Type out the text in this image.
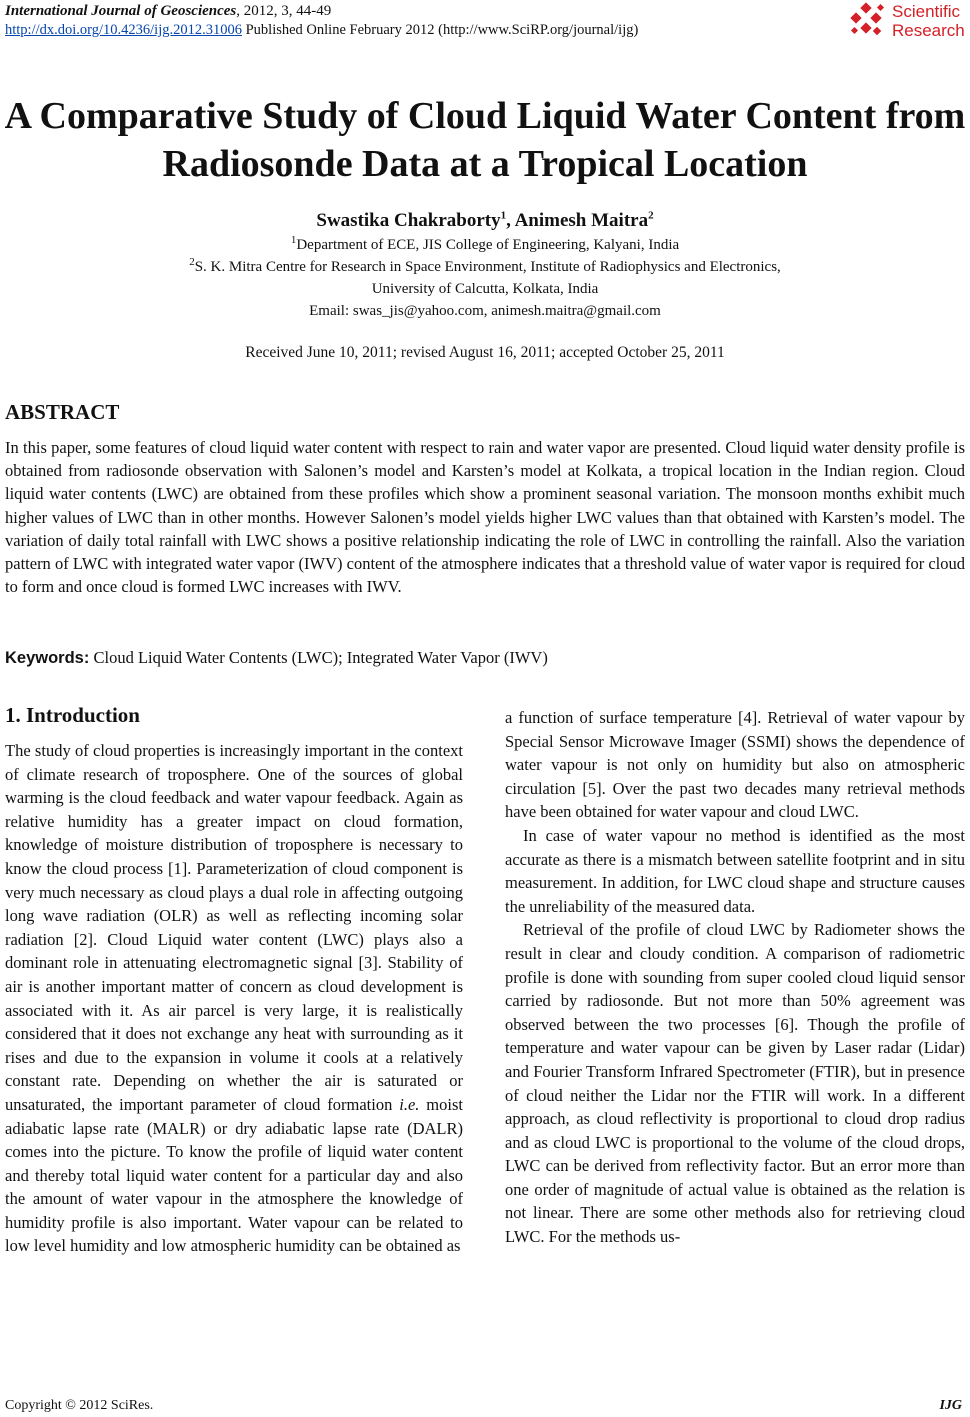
International Journal of Geosciences, 2012, 3, 44-49
http://dx.doi.org/10.4236/ijg.2012.31006 Published Online February 2012 (http://www.SciRP.org/journal/ijg)
Scientific
Research
A Comparative Study of Cloud Liquid Water Content from
Radiosonde Data at a Tropical Location
Swastika Chakraborty$^1$, Animesh Maitra$^2$
$^1$Department of ECE, JIS College of Engineering, Kalyani, India
$^2$S. K. Mitra Centre for Research in Space Environment, Institute of Radiophysics and Electronics,
University of Calcutta, Kolkata, India
Email: swas_jis@yahoo.com, animesh.maitra@gmail.com
Received June 10, 2011; revised August 16, 2011; accepted October 25, 2011
ABSTRACT
In this paper, some features of cloud liquid water content with respect to rain and water vapor are presented. Cloud liquid water density profile is obtained from radiosonde observation with Salonen’s model and Karsten’s model at Kolkata, a tropical location in the Indian region. Cloud liquid water contents (LWC) are obtained from these profiles which show a prominent seasonal variation. The monsoon months exhibit much higher values of LWC than in other months. However Salonen’s model yields higher LWC values than that obtained with Karsten’s model. The variation of daily total rainfall with LWC shows a positive relationship indicating the role of LWC in controlling the rainfall. Also the variation pattern of LWC with integrated water vapor (IWV) content of the atmosphere indicates that a threshold value of water vapor is required for cloud to form and once cloud is formed LWC increases with IWV.
Keywords: Cloud Liquid Water Contents (LWC); Integrated Water Vapor (IWV)
1. Introduction

The study of cloud properties is increasingly important in the context of climate research of troposphere. One of the sources of global warming is the cloud feedback and water vapour feedback. Again as relative humidity has a greater impact on cloud formation, knowledge of moisture distribution of troposphere is necessary to know the cloud process [1]. Parameterization of cloud component is very much necessary as cloud plays a dual role in affecting outgoing long wave radiation (OLR) as well as reflecting incoming solar radiation [2]. Cloud Liquid water content (LWC) plays also a dominant role in attenuating electromagnetic signal [3]. Stability of air is another important matter of concern as cloud development is associated with it. As air parcel is very large, it is realistically considered that it does not exchange any heat with surrounding as it rises and due to the expansion in volume it cools at a relatively constant rate. Depending on whether the air is saturated or unsaturated, the important parameter of cloud formation i.e. moist adiabatic lapse rate (MALR) or dry adiabatic lapse rate (DALR) comes into the picture. To know the profile of liquid water content and thereby total liquid water content for a particular day and also the amount of water vapour in the atmosphere the knowledge of humidity profile is also important. Water vapour can be related to low level humidity and low atmospheric humidity can be obtained as

a function of surface temperature [4]. Retrieval of water vapour by Special Sensor Microwave Imager (SSMI) shows the dependence of water vapour is not only on humidity but also on atmospheric circulation [5]. Over the past two decades many retrieval methods have been obtained for water vapour and cloud LWC.

In case of water vapour no method is identified as the most accurate as there is a mismatch between satellite footprint and in situ measurement. In addition, for LWC cloud shape and structure causes the unreliability of the measured data.

Retrieval of the profile of cloud LWC by Radiometer shows the result in clear and cloudy condition. A comparison of radiometric profile is done with sounding from super cooled cloud liquid sensor carried by radiosonde. But not more than 50% agreement was observed between the two processes [6]. Though the profile of temperature and water vapour can be given by Laser radar (Lidar) and Fourier Transform Infrared Spectrometer (FTIR), but in presence of cloud neither the Lidar nor the FTIR will work. In a different approach, as cloud reflectivity is proportional to cloud drop radius and as cloud LWC is proportional to the volume of the cloud drops, LWC can be derived from reflectivity factor. But an error more than one order of magnitude of actual value is obtained as the relation is not linear. There are some other methods also for retrieving cloud LWC. For the methods us-

Copyright © 2012 SciRes.	IJG
